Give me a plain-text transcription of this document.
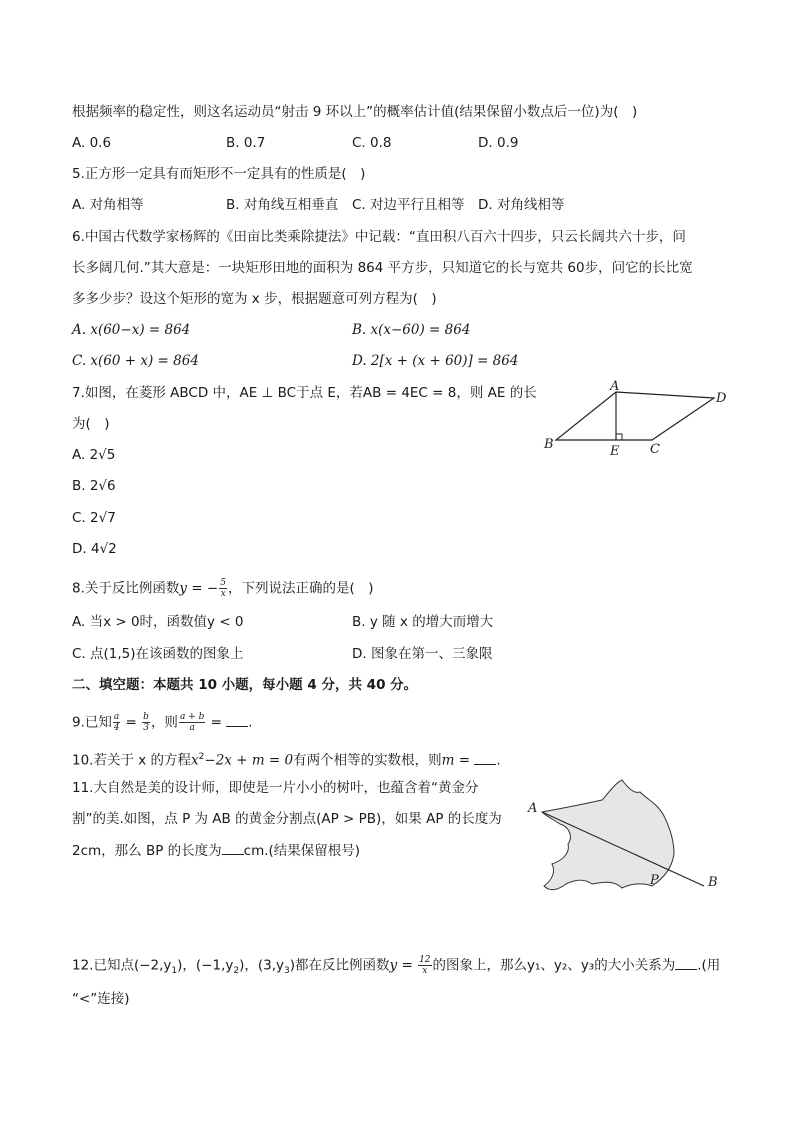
根据频率的稳定性，则这名运动员“射击 9 环以上”的概率估计值(结果保留小数点后一位)为(　)
A. 0.6	B. 0.7	C. 0.8	D. 0.9
5.正方形一定具有而矩形不一定具有的性质是(　)
A. 对角相等	B. 对角线互相垂直 C. 对边平行且相等 D. 对角线相等
6.中国古代数学家杨辉的《田亩比类乘除捷法》中记载：“直田积八百六十四步，只云长阔共六十步，问
长多阔几何.”其大意是：一块矩形田地的面积为 864 平方步，只知道它的长与宽共 60步，问它的长比宽
多多少步？设这个矩形的宽为 x 步，根据题意可列方程为(　)
A. x(60−x) = 864	B. x(x−60) = 864
C. x(60 + x) = 864	D. 2[x + (x + 60)] = 864
7.如图，在菱形 ABCD 中，AE ⊥ BC于点 E，若AB = 4EC = 8，则 AE 的长
为(　)
A. 2√5
B. 2√6
C. 2√7
D. 4√2
A
D
B	E C
8.关于反比例函数y = − $\frac{5}{x}$ ，下列说法正确的是(　)
A. 当x > 0时，函数值y < 0	B. y 随 x 的增大而增大
C. 点(1,5)在该函数的图象上	D. 图象在第一、三象限
二、填空题：本题共 10 小题，每小题 4 分，共 40 分。
9.已知 $\frac{a}{4} = \frac{b}{3}$ ，则 $\frac{a + b}{a}$ = .
10.若关于 x 的方程$x^2-2x + m = 0$有两个相等的实数根，则m = .
11.大自然是美的设计师，即使是一片小小的树叶，也蕴含着“黄金分
割”的美.如图，点 P 为 AB 的黄金分割点(AP > PB)，如果 AP 的长度为
2cm，那么 BP 的长度为 cm.(结果保留根号)
A
P	B
12.已知点$(-2,y_1)$，$(-1,y_2)$，$(3,y_3)$都在反比例函数$y = \frac{12}{x}$ 的图象上，那么y₁、y₂、y₃的大小关系为 .(用
“<”连接)
